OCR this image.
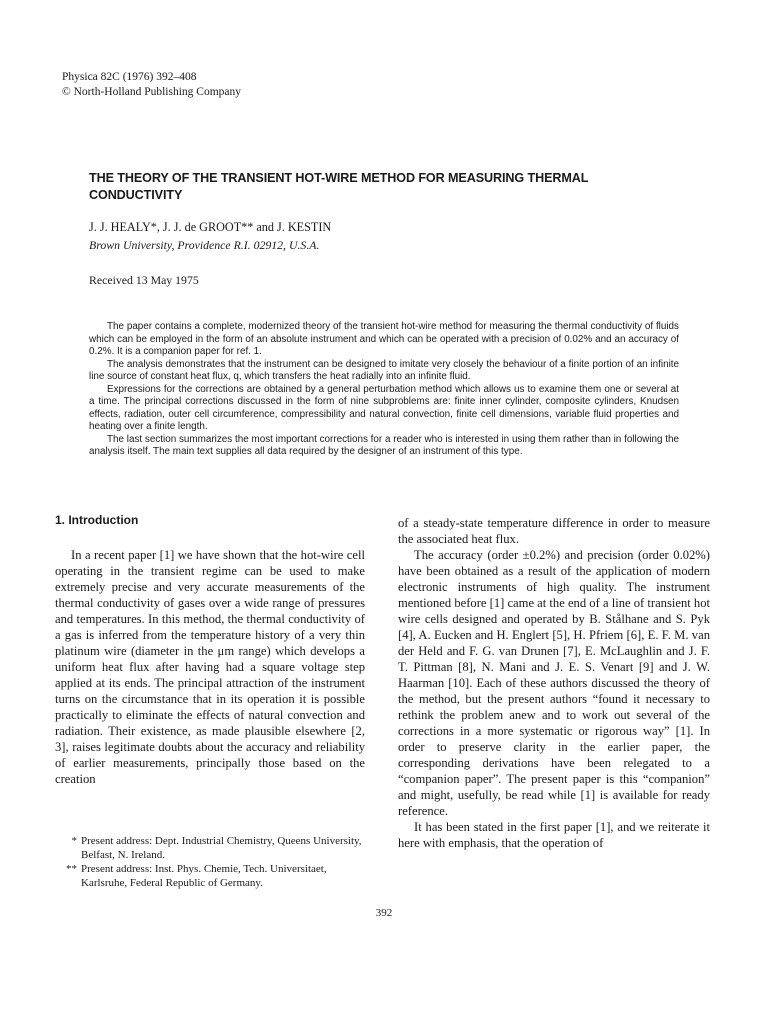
Physica 82C (1976) 392–408
© North-Holland Publishing Company
THE THEORY OF THE TRANSIENT HOT-WIRE METHOD FOR MEASURING THERMAL CONDUCTIVITY
J. J. HEALY*, J. J. de GROOT** and J. KESTIN
Brown University, Providence R.I. 02912, U.S.A.
Received 13 May 1975

The paper contains a complete, modernized theory of the transient hot-wire method for measuring the thermal conductivity of fluids which can be employed in the form of an absolute instrument and which can be operated with a precision of 0.02% and an accuracy of 0.2%. It is a companion paper for ref. 1.

The analysis demonstrates that the instrument can be designed to imitate very closely the behaviour of a finite portion of an infinite line source of constant heat flux, q, which transfers the heat radially into an infinite fluid.

Expressions for the corrections are obtained by a general perturbation method which allows us to examine them one or several at a time. The principal corrections discussed in the form of nine subproblems are: finite inner cylinder, composite cylinders, Knudsen effects, radiation, outer cell circumference, compressibility and natural convection, finite cell dimensions, variable fluid properties and heating over a finite length.

The last section summarizes the most important corrections for a reader who is interested in using them rather than in following the analysis itself. The main text supplies all data required by the designer of an instrument of this type.

1. Introduction

In a recent paper [1] we have shown that the hot-wire cell operating in the transient regime can be used to make extremely precise and very accurate measurements of the thermal conductivity of gases over a wide range of pressures and temperatures. In this method, the thermal conductivity of a gas is inferred from the temperature history of a very thin platinum wire (diameter in the μm range) which develops a uniform heat flux after having had a square voltage step applied at its ends. The principal attraction of the instrument turns on the circumstance that in its operation it is possible practically to eliminate the effects of natural convection and radiation. Their existence, as made plausible elsewhere [2, 3], raises legitimate doubts about the accuracy and reliability of earlier measurements, principally those based on the creation

of a steady-state temperature difference in order to measure the associated heat flux.

The accuracy (order ±0.2%) and precision (order 0.02%) have been obtained as a result of the application of modern electronic instruments of high quality. The instrument mentioned before [1] came at the end of a line of transient hot wire cells designed and operated by B. Stålhane and S. Pyk [4], A. Eucken and H. Englert [5], H. Pfriem [6], E. F. M. van der Held and F. G. van Drunen [7], E. McLaughlin and J. F. T. Pittman [8], N. Mani and J. E. S. Venart [9] and J. W. Haarman [10]. Each of these authors discussed the theory of the method, but the present authors “found it necessary to rethink the problem anew and to work out several of the corrections in a more systematic or rigorous way” [1]. In order to preserve clarity in the earlier paper, the corresponding derivations have been relegated to a “companion paper”. The present paper is this “companion” and might, usefully, be read while [1] is available for ready reference.

It has been stated in the first paper [1], and we reiterate it here with emphasis, that the operation of

* Present address: Dept. Industrial Chemistry, Queens University, Belfast, N. Ireland.
** Present address: Inst. Phys. Chemie, Tech. Universitaet, Karlsruhe, Federal Republic of Germany.
392
